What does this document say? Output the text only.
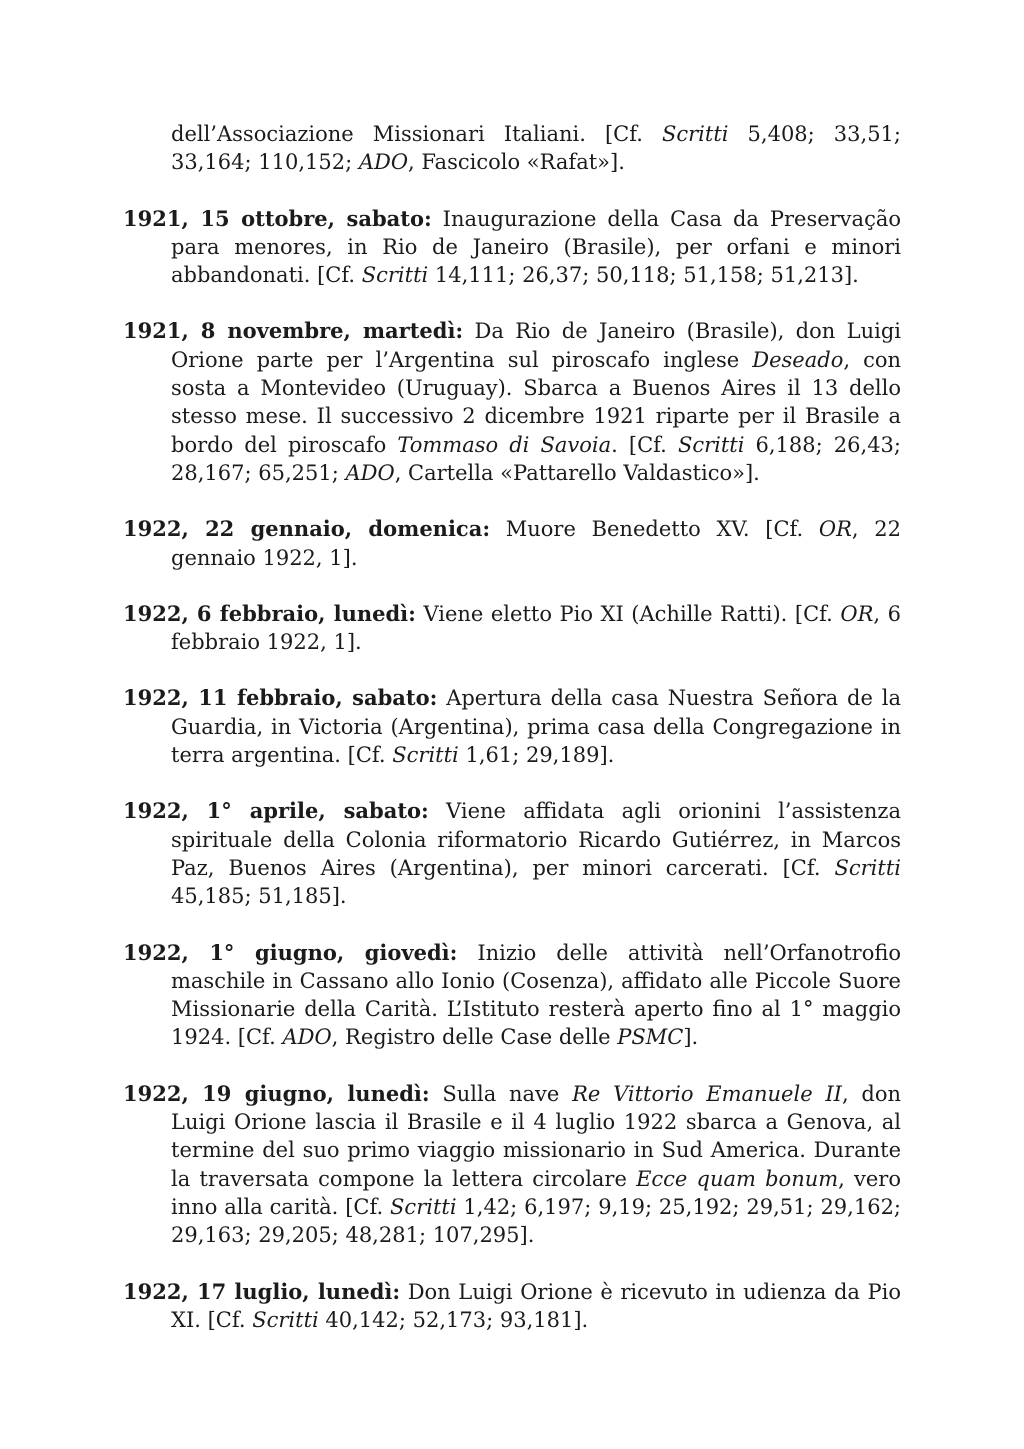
dell’Associazione Missionari Italiani. [Cf. Scritti 5,408; 33,51; 33,164; 110,152; ADO, Fascicolo «Rafat»].

1921, 15 ottobre, sabato: Inaugurazione della Casa da Preservação para menores, in Rio de Janeiro (Brasile), per orfani e minori abbandonati. [Cf. Scritti 14,111; 26,37; 50,118; 51,158; 51,213].

1921, 8 novembre, martedì: Da Rio de Janeiro (Brasile), don Luigi Orione parte per l’Argentina sul piroscafo inglese Deseado, con sosta a Montevideo (Uruguay). Sbarca a Buenos Aires il 13 dello stesso mese. Il successivo 2 dicembre 1921 riparte per il Brasile a bordo del piroscafo Tommaso di Savoia. [Cf. Scritti 6,188; 26,43; 28,167; 65,251; ADO, Cartella «Pattarello Valdastico»].

1922, 22 gennaio, domenica: Muore Benedetto XV. [Cf. OR, 22 gennaio 1922, 1].

1922, 6 febbraio, lunedì: Viene eletto Pio XI (Achille Ratti). [Cf. OR, 6 febbraio 1922, 1].

1922, 11 febbraio, sabato: Apertura della casa Nuestra Señora de la Guardia, in Victoria (Argentina), prima casa della Congregazione in terra argentina. [Cf. Scritti 1,61; 29,189].

1922, 1° aprile, sabato: Viene affidata agli orionini l’assistenza spirituale della Colonia riformatorio Ricardo Gutiérrez, in Marcos Paz, Buenos Aires (Argentina), per minori carcerati. [Cf. Scritti 45,185; 51,185].

1922, 1° giugno, giovedì: Inizio delle attività nell’Orfanotrofio maschile in Cassano allo Ionio (Cosenza), affidato alle Piccole Suore Missionarie della Carità. L’Istituto resterà aperto fino al 1° maggio 1924. [Cf. ADO, Registro delle Case delle PSMC].

1922, 19 giugno, lunedì: Sulla nave Re Vittorio Emanuele II, don Luigi Orione lascia il Brasile e il 4 luglio 1922 sbarca a Genova, al termine del suo primo viaggio missionario in Sud America. Durante la traversata compone la lettera circolare Ecce quam bonum, vero inno alla carità. [Cf. Scritti 1,42; 6,197; 9,19; 25,192; 29,51; 29,162; 29,163; 29,205; 48,281; 107,295].

1922, 17 luglio, lunedì: Don Luigi Orione è ricevuto in udienza da Pio XI. [Cf. Scritti 40,142; 52,173; 93,181].
